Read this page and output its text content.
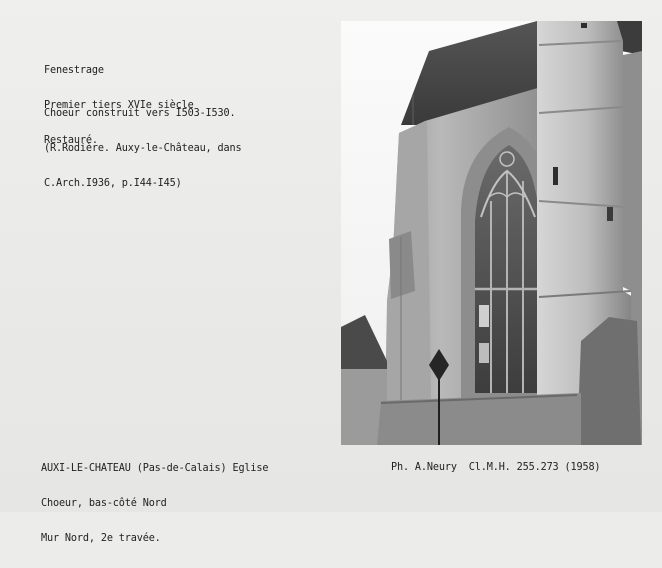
Fenestrage

Premier tiers XVIe siècle

Restauré.

Choeur construit vers I503-I530.

(R.Rodière. Auxy-le-Château, dans

C.Arch.I936, p.I44-I45)

AUXI-LE-CHATEAU (Pas-de-Calais) Eglise

Choeur, bas-côté Nord

Mur Nord, 2e travée.

Ph. A.Neury  Cl.M.H. 255.273 (1958)
